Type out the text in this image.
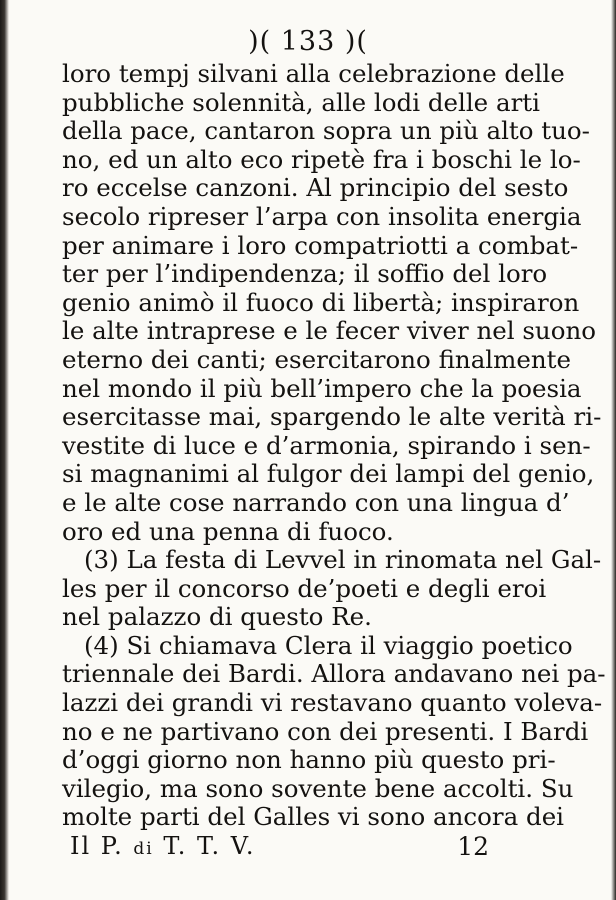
)( 133 )(
loro tempj silvani alla celebrazione delle
pubbliche solennità, alle lodi delle arti
della pace, cantaron sopra un più alto tuo-
no, ed un alto eco ripetè fra i boschi le lo-
ro eccelse canzoni. Al principio del sesto
secolo ripreser l’arpa con insolita energia
per animare i loro compatriotti a combat-
ter per l’indipendenza; il soffio del loro
genio animò il fuoco di libertà; inspiraron
le alte intraprese e le fecer viver nel suono
eterno dei canti; esercitarono finalmente
nel mondo il più bell’impero che la poesia
esercitasse mai, spargendo le alte verità ri-
vestite di luce e d’armonia, spirando i sen-
si magnanimi al fulgor dei lampi del genio,
e le alte cose narrando con una lingua d’
oro ed una penna di fuoco.
(3) La festa di Levvel in rinomata nel Gal-
les per il concorso de’poeti e degli eroi
nel palazzo di questo Re.
(4) Si chiamava Clera il viaggio poetico
triennale dei Bardi. Allora andavano nei pa-
lazzi dei grandi vi restavano quanto voleva-
no e ne partivano con dei presenti. I Bardi
d’oggi giorno non hanno più questo pri-
vilegio, ma sono sovente bene accolti. Su
molte parti del Galles vi sono ancora dei
Il P. di T. T. V.	12
